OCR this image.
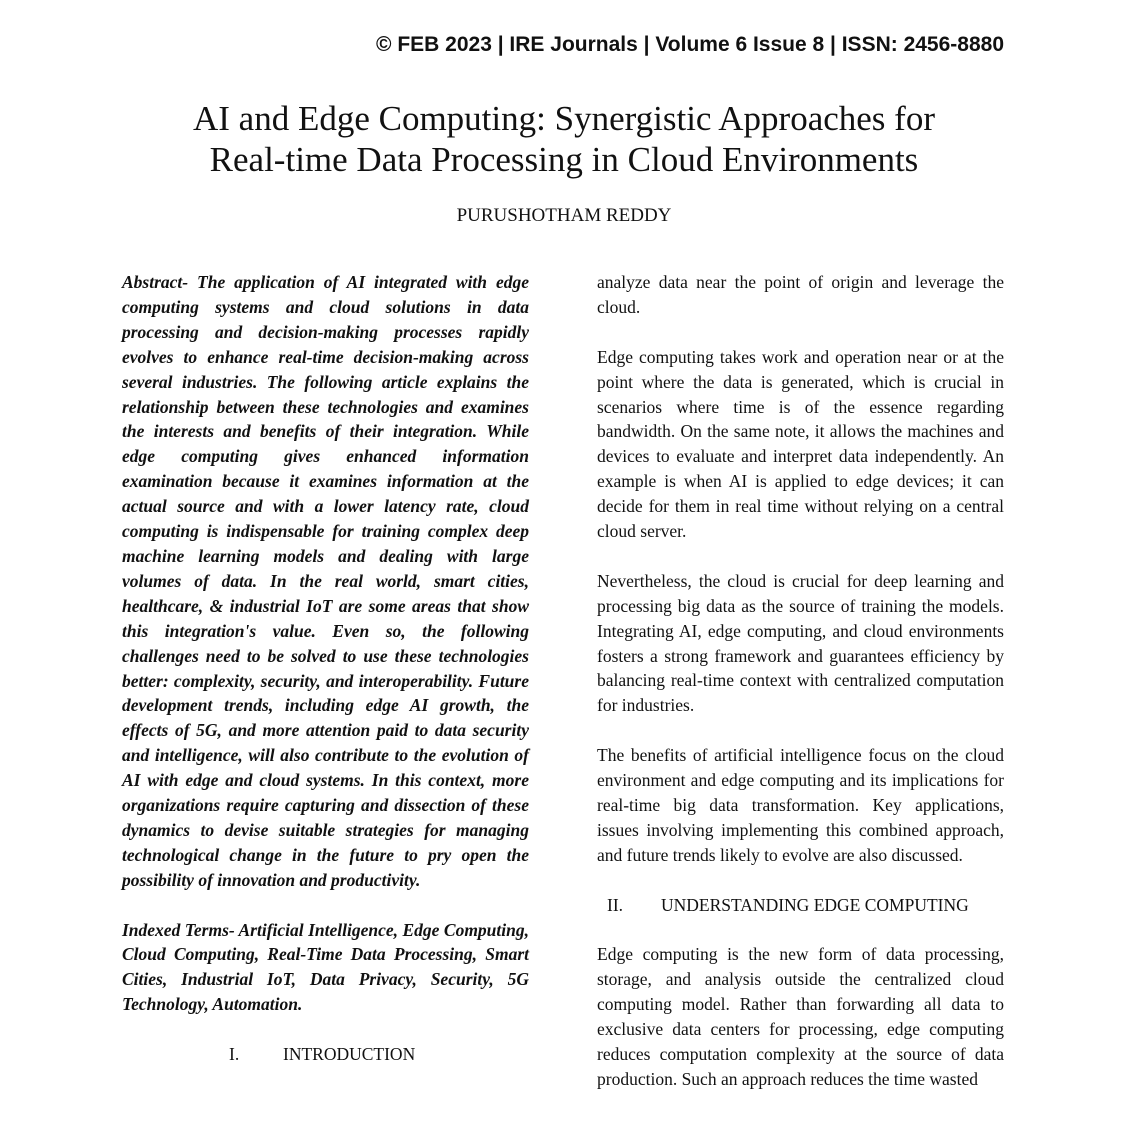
© FEB 2023 | IRE Journals | Volume 6 Issue 8 | ISSN: 2456-8880
AI and Edge Computing: Synergistic Approaches for
Real-time Data Processing in Cloud Environments
PURUSHOTHAM REDDY

Abstract- The application of AI integrated with edge computing systems and cloud solutions in data processing and decision-making processes rapidly evolves to enhance real-time decision-making across several industries. The following article explains the relationship between these technologies and examines the interests and benefits of their integration. While edge computing gives enhanced information examination because it examines information at the actual source and with a lower latency rate, cloud computing is indispensable for training complex deep machine learning models and dealing with large volumes of data. In the real world, smart cities, healthcare, & industrial IoT are some areas that show this integration's value. Even so, the following challenges need to be solved to use these technologies better: complexity, security, and interoperability. Future development trends, including edge AI growth, the effects of 5G, and more attention paid to data security and intelligence, will also contribute to the evolution of AI with edge and cloud systems. In this context, more organizations require capturing and dissection of these dynamics to devise suitable strategies for managing technological change in the future to pry open the possibility of innovation and productivity.

Indexed Terms- Artificial Intelligence, Edge Computing, Cloud Computing, Real-Time Data Processing, Smart Cities, Industrial IoT, Data Privacy, Security, 5G Technology, Automation.

I.	INTRODUCTION

analyze data near the point of origin and leverage the cloud.

Edge computing takes work and operation near or at the point where the data is generated, which is crucial in scenarios where time is of the essence regarding bandwidth. On the same note, it allows the machines and devices to evaluate and interpret data independently. An example is when AI is applied to edge devices; it can decide for them in real time without relying on a central cloud server.

Nevertheless, the cloud is crucial for deep learning and processing big data as the source of training the models. Integrating AI, edge computing, and cloud environments fosters a strong framework and guarantees efficiency by balancing real-time context with centralized computation for industries.

The benefits of artificial intelligence focus on the cloud environment and edge computing and its implications for real-time big data transformation. Key applications, issues involving implementing this combined approach, and future trends likely to evolve are also discussed.

II. UNDERSTANDING EDGE COMPUTING

Edge computing is the new form of data processing, storage, and analysis outside the centralized cloud computing model. Rather than forwarding all data to exclusive data centers for processing, edge computing reduces computation complexity at the source of data production. Such an approach reduces the time wasted
